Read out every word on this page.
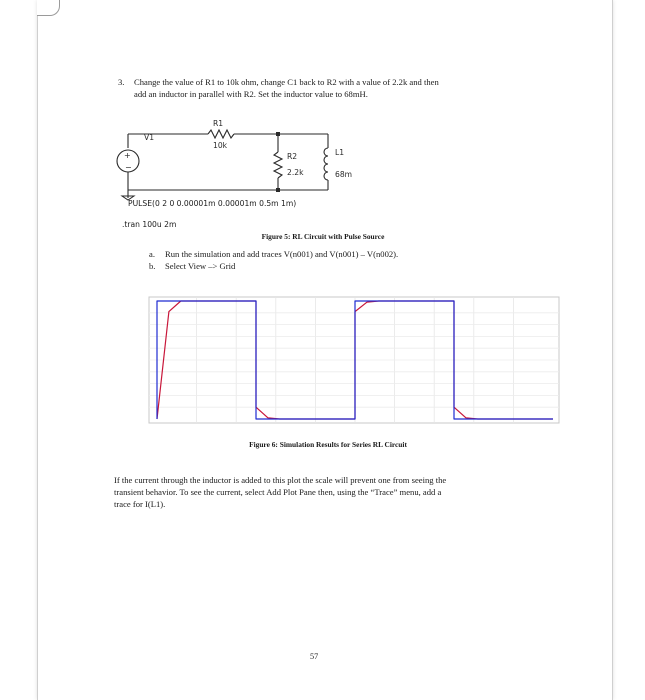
3. Change the value of R1 to 10k ohm, change C1 back to R2 with a value of 2.2k and then
add an inductor in parallel with R2. Set the inductor value to 68mH.
+
−
V1
R1
10k
R2
2.2k
L1
68m
PULSE(0 2 0 0.00001m 0.00001m 0.5m 1m)
.tran 100u 2m
Figure 5: RL Circuit with Pulse Source
a. Run the simulation and add traces V(n001) and V(n001) – V(n002).
b. Select View –> Grid
Figure 6: Simulation Results for Series RL Circuit
If the current through the inductor is added to this plot the scale will prevent one from seeing the
transient behavior. To see the current, select Add Plot Pane then, using the “Trace” menu, add a
trace for I(L1).
57
